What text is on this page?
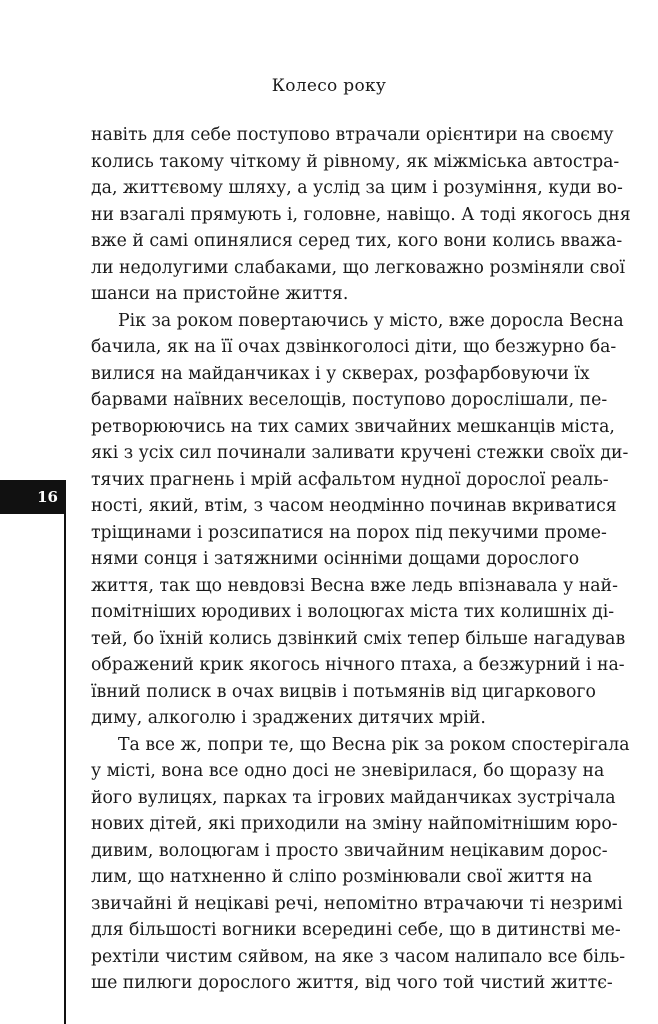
Колесо року
16
навіть для себе поступово втрачали орієнтири на своєму
колись такому чіткому й рівному, як міжміська автостра-
да, життєвому шляху, а услід за цим і розуміння, куди во-
ни взагалі прямують і, головне, навіщо. А тоді якогось дня
вже й самі опинялися серед тих, кого вони колись вважа-
ли недолугими слабаками, що легковажно розміняли свої
шанси на пристойне життя.
Рік за роком повертаючись у місто, вже доросла Весна
бачила, як на її очах дзвінкоголосі діти, що безжурно ба-
вилися на майданчиках і у скверах, розфарбовуючи їх
барвами наївних веселощів, поступово дорослішали, пе-
ретворюючись на тих самих звичайних мешканців міста,
які з усіх сил починали заливати кручені стежки своїх ди-
тячих прагнень і мрій асфальтом нудної дорослої реаль-
ності, який, втім, з часом неодмінно починав вкриватися
тріщинами і розсипатися на порох під пекучими проме-
нями сонця і затяжними осінніми дощами дорослого
життя, так що невдовзі Весна вже ледь впізнавала у най-
помітніших юродивих і волоцюгах міста тих колишніх ді-
тей, бо їхній колись дзвінкий сміх тепер більше нагадував
ображений крик якогось нічного птаха, а безжурний і на-
ївний полиск в очах вицвів і потьмянів від цигаркового
диму, алкоголю і зраджених дитячих мрій.
Та все ж, попри те, що Весна рік за роком спостерігала
у місті, вона все одно досі не зневірилася, бо щоразу на
його вулицях, парках та ігрових майданчиках зустрічала
нових дітей, які приходили на зміну найпомітнішим юро-
дивим, волоцюгам і просто звичайним нецікавим дорос-
лим, що натхненно й сліпо розмінювали свої життя на
звичайні й нецікаві речі, непомітно втрачаючи ті незримі
для більшості вогники всередині себе, що в дитинстві ме-
рехтіли чистим сяйвом, на яке з часом налипало все біль-
ше пилюги дорослого життя, від чого той чистий життє-
